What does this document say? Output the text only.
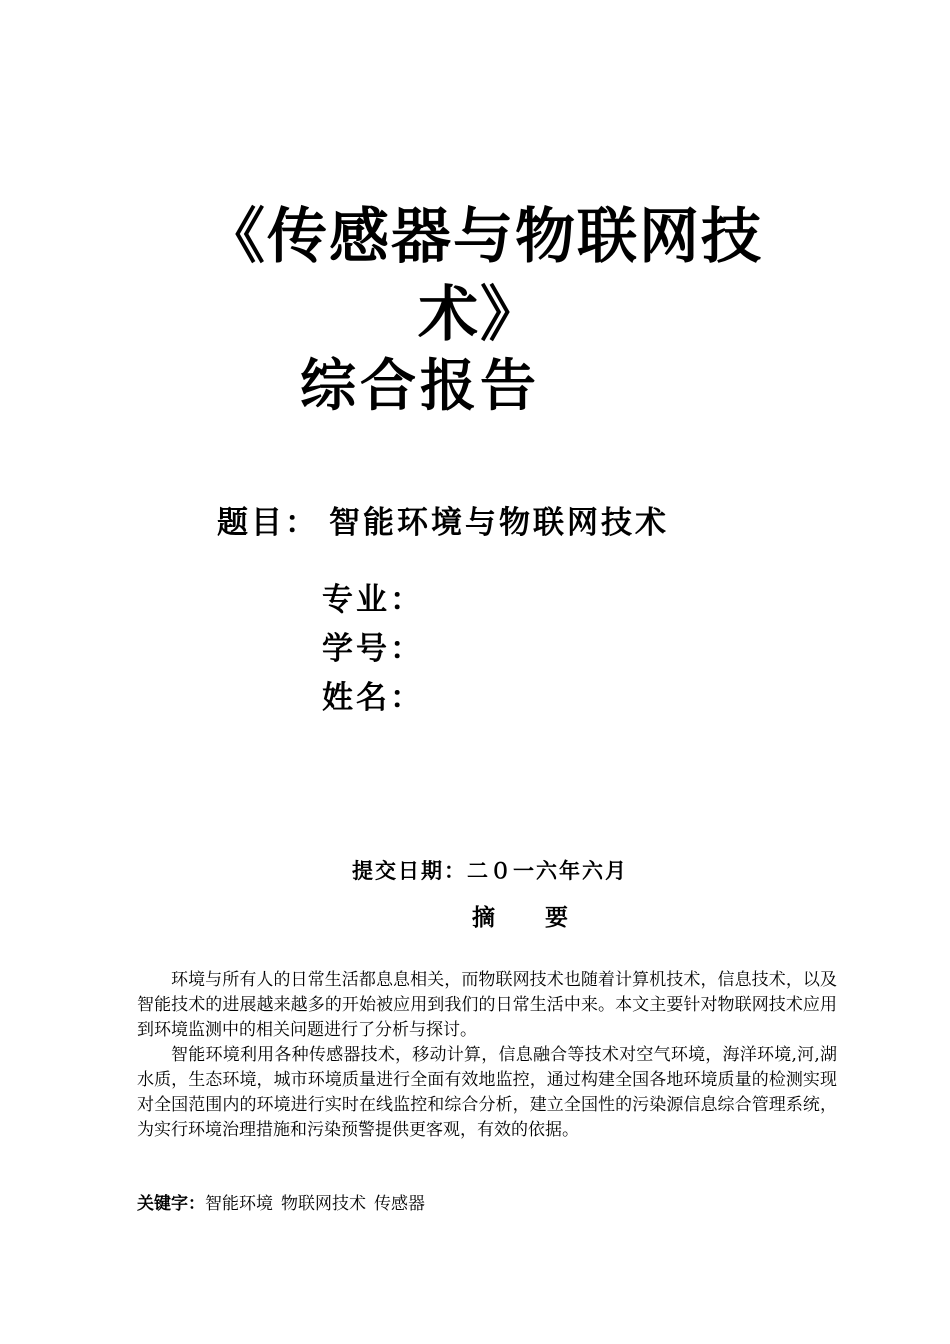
《传感器与物联网技
术》
综合报告
题目： 智能环境与物联网技术
专业：
学号：
姓名：
提交日期：二０一六年六月
摘 要

环境与所有人的日常生活都息息相关，而物联网技术也随着计算机技术，信息技术，以及智能技术的进展越来越多的开始被应用到我们的日常生活中来。本文主要针对物联网技术应用到环境监测中的相关问题进行了分析与探讨。

智能环境利用各种传感器技术，移动计算，信息融合等技术对空气环境，海洋环境,河,湖水质，生态环境，城市环境质量进行全面有效地监控，通过构建全国各地环境质量的检测实现对全国范围内的环境进行实时在线监控和综合分析，建立全国性的污染源信息综合管理系统，为实行环境治理措施和污染预警提供更客观，有效的依据。

关键字：智能环境 物联网技术 传感器
